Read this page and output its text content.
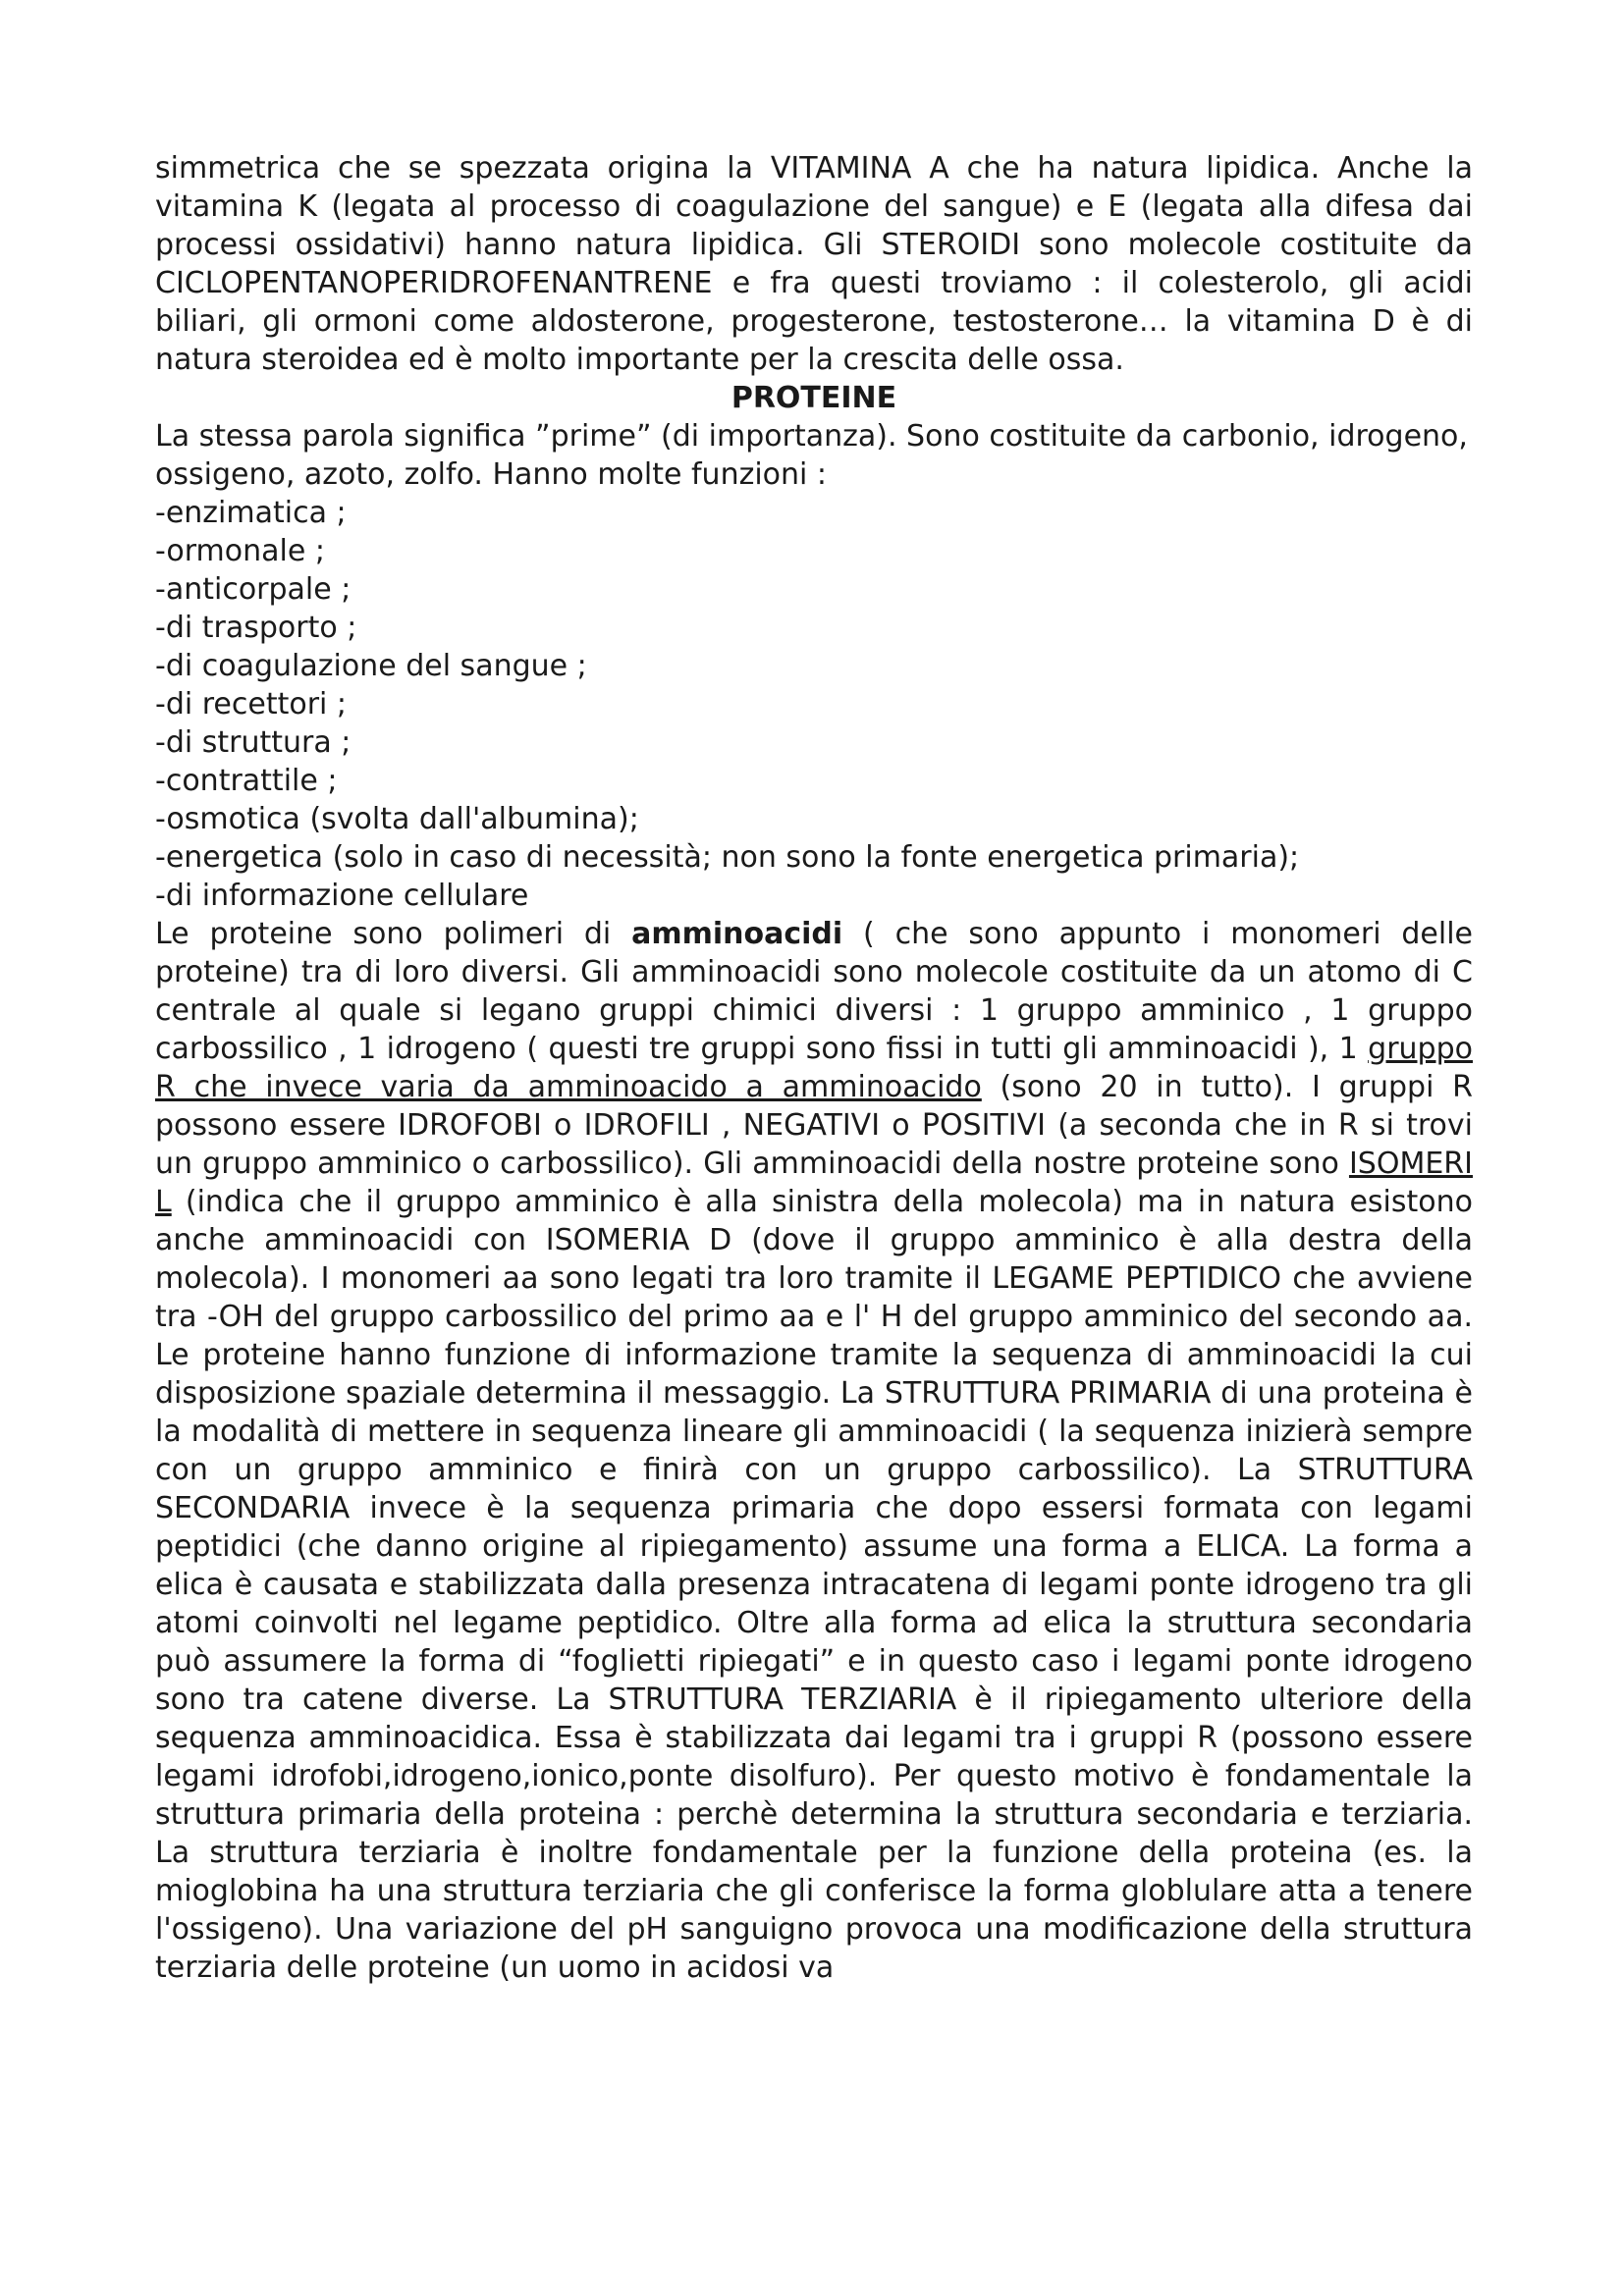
simmetrica che se spezzata origina la VITAMINA A che ha natura lipidica. Anche la vitamina K (legata al processo di coagulazione del sangue) e E (legata alla difesa dai processi ossidativi) hanno natura lipidica. Gli STEROIDI sono molecole costituite da CICLOPENTANOPERIDROFENANTRENE e fra questi troviamo : il colesterolo, gli acidi biliari, gli ormoni come aldosterone, progesterone, testosterone… la vitamina D è di natura steroidea ed è molto importante per la crescita delle ossa.

PROTEINE

La stessa parola significa ”prime” (di importanza). Sono costituite da carbonio, idrogeno, ossigeno, azoto, zolfo. Hanno molte funzioni :

-enzimatica ;
-ormonale ;
-anticorpale ;
-di trasporto ;
-di coagulazione del sangue ;
-di recettori ;
-di struttura ;
-contrattile ;
-osmotica (svolta dall'albumina);
-energetica (solo in caso di necessità; non sono la fonte energetica primaria);
-di informazione cellulare

Le proteine sono polimeri di amminoacidi ( che sono appunto i monomeri delle proteine) tra di loro diversi. Gli amminoacidi sono molecole costituite da un atomo di C centrale al quale si legano gruppi chimici diversi : 1 gruppo amminico , 1 gruppo carbossilico , 1 idrogeno ( questi tre gruppi sono fissi in tutti gli amminoacidi ), 1 gruppo R che invece varia da amminoacido a amminoacido (sono 20 in tutto). I gruppi R possono essere IDROFOBI o IDROFILI , NEGATIVI o POSITIVI (a seconda che in R si trovi un gruppo amminico o carbossilico). Gli amminoacidi della nostre proteine sono ISOMERI L (indica che il gruppo amminico è alla sinistra della molecola) ma in natura esistono anche amminoacidi con ISOMERIA D (dove il gruppo amminico è alla destra della molecola). I monomeri aa sono legati tra loro tramite il LEGAME PEPTIDICO che avviene tra -OH del gruppo carbossilico del primo aa e l' H del gruppo amminico del secondo aa. Le proteine hanno funzione di informazione tramite la sequenza di amminoacidi la cui disposizione spaziale determina il messaggio. La STRUTTURA PRIMARIA di una proteina è la modalità di mettere in sequenza lineare gli amminoacidi ( la sequenza inizierà sempre con un gruppo amminico e finirà con un gruppo carbossilico). La STRUTTURA SECONDARIA invece è la sequenza primaria che dopo essersi formata con legami peptidici (che danno origine al ripiegamento) assume una forma a ELICA. La forma a elica è causata e stabilizzata dalla presenza intracatena di legami ponte idrogeno tra gli atomi coinvolti nel legame peptidico. Oltre alla forma ad elica la struttura secondaria può assumere la forma di “foglietti ripiegati” e in questo caso i legami ponte idrogeno sono tra catene diverse. La STRUTTURA TERZIARIA è il ripiegamento ulteriore della sequenza amminoacidica. Essa è stabilizzata dai legami tra i gruppi R (possono essere legami idrofobi,idrogeno,ionico,ponte disolfuro). Per questo motivo è fondamentale la struttura primaria della proteina : perchè determina la struttura secondaria e terziaria. La struttura terziaria è inoltre fondamentale per la funzione della proteina (es. la mioglobina ha una struttura terziaria che gli conferisce la forma globlulare atta a tenere l'ossigeno). Una variazione del pH sanguigno provoca una modificazione della struttura terziaria delle proteine (un uomo in acidosi va
